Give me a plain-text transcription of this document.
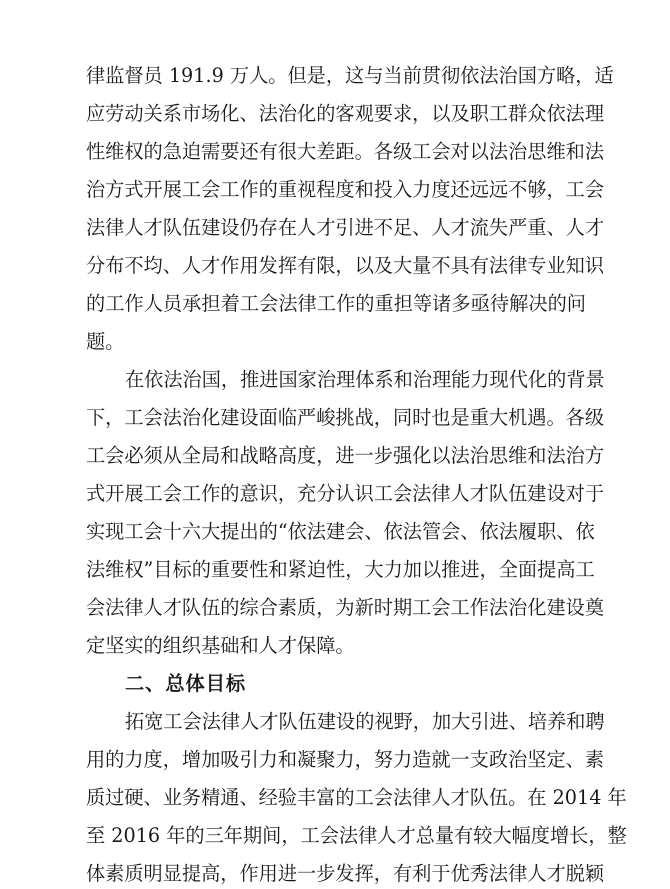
律监督员 191.9 万人。但是，这与当前贯彻依法治国方略，适
应劳动关系市场化、法治化的客观要求，以及职工群众依法理
性维权的急迫需要还有很大差距。各级工会对以法治思维和法
治方式开展工会工作的重视程度和投入力度还远远不够，工会
法律人才队伍建设仍存在人才引进不足、人才流失严重、人才
分布不均、人才作用发挥有限，以及大量不具有法律专业知识
的工作人员承担着工会法律工作的重担等诸多亟待解决的问
题。
在依法治国，推进国家治理体系和治理能力现代化的背景
下，工会法治化建设面临严峻挑战，同时也是重大机遇。各级
工会必须从全局和战略高度，进一步强化以法治思维和法治方
式开展工会工作的意识，充分认识工会法律人才队伍建设对于
实现工会十六大提出的“依法建会、依法管会、依法履职、依
法维权”目标的重要性和紧迫性，大力加以推进，全面提高工
会法律人才队伍的综合素质，为新时期工会工作法治化建设奠
定坚实的组织基础和人才保障。
二、总体目标
拓宽工会法律人才队伍建设的视野，加大引进、培养和聘
用的力度，增加吸引力和凝聚力，努力造就一支政治坚定、素
质过硬、业务精通、经验丰富的工会法律人才队伍。在 2014 年
至 2016 年的三年期间，工会法律人才总量有较大幅度增长，整
体素质明显提高，作用进一步发挥，有利于优秀法律人才脱颖
